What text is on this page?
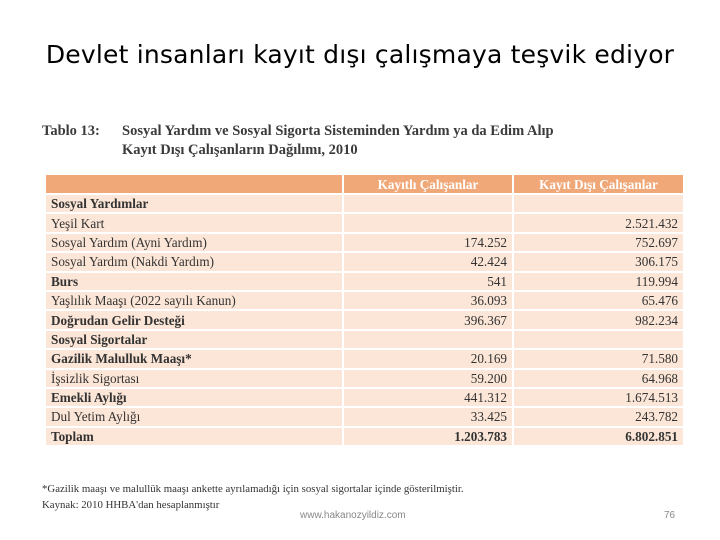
Devlet insanları kayıt dışı çalışmaya teşvik ediyor
Tablo 13:	Sosyal Yardım ve Sosyal Sigorta Sisteminden Yardım ya da Edim Alıp
Kayıt Dışı Çalışanların Dağılımı, 2010
	Kayıtlı Çalışanlar	Kayıt Dışı Çalışanlar
Sosyal Yardımlar		
Yeşil Kart		2.521.432
Sosyal Yardım (Ayni Yardım)	174.252	752.697
Sosyal Yardım (Nakdi Yardım)	42.424	306.175
Burs	541	119.994
Yaşlılık Maaşı (2022 sayılı Kanun)	36.093	65.476
Doğrudan Gelir Desteği	396.367	982.234
Sosyal Sigortalar		
Gazilik Malulluk Maaşı*	20.169	71.580
İşsizlik Sigortası	59.200	64.968
Emekli Aylığı	441.312	1.674.513
Dul Yetim Aylığı	33.425	243.782
Toplam	1.203.783	6.802.851
*Gazilik maaşı ve malullük maaşı ankette ayrılamadığı için sosyal sigortalar içinde gösterilmiştir.
Kaynak: 2010 HHBA'dan hesaplanmıştır
www.hakanozyildiz.com	76
